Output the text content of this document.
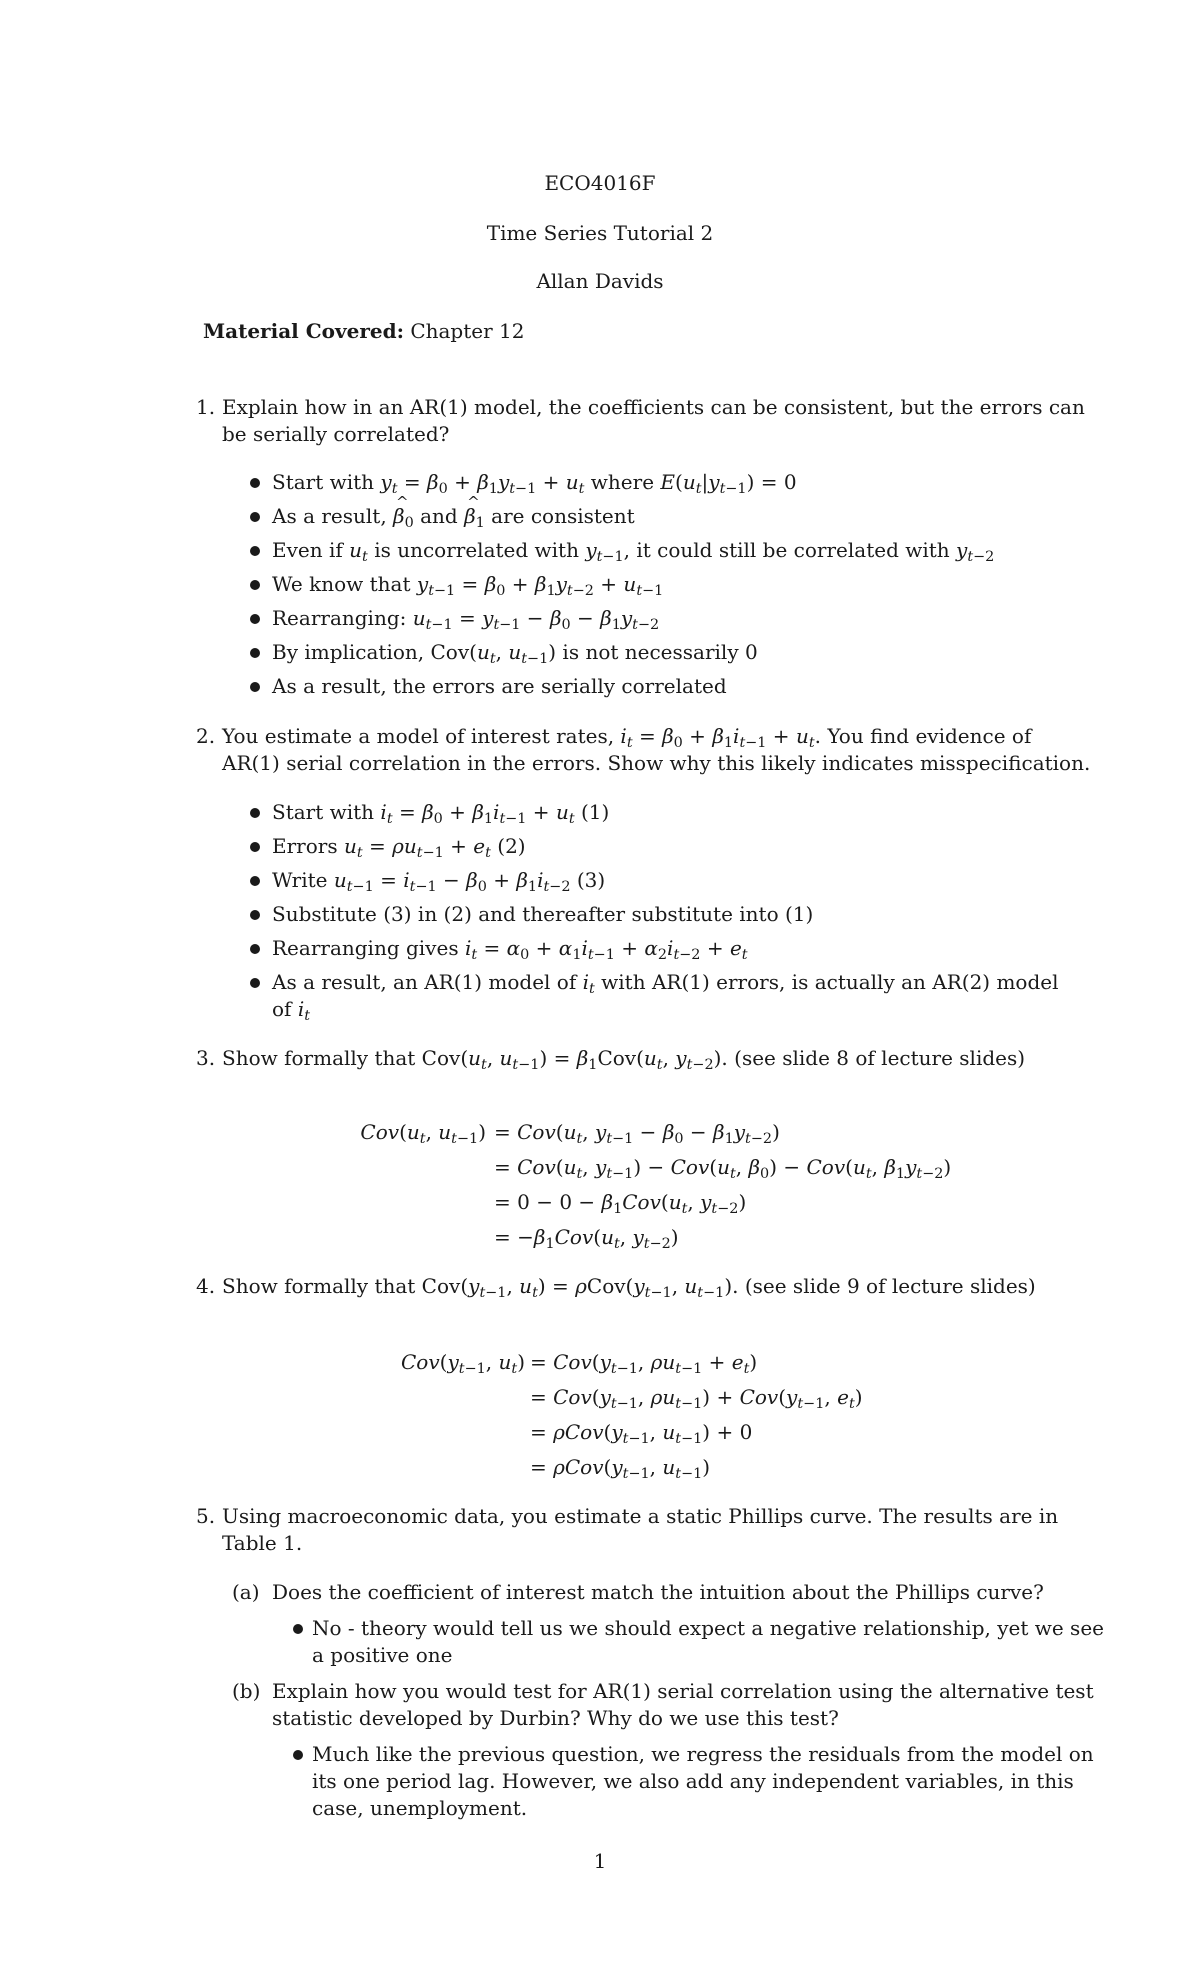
ECO4016F
Time Series Tutorial 2
Allan Davids
Material Covered: Chapter 12
1. Explain how in an AR(1) model, the coefficients can be consistent, but the errors can
be serially correlated?
Start with $y_t = \beta_0 + \beta_1y_{t-1} + u_t$ where $E(u_t|y_{t-1}) = 0$
As a result, ^ $\beta_0$ and ^ $\beta_1$ are consistent
Even if $u_t$ is uncorrelated with $y_{t-1}$, it could still be correlated with $y_{t-2}$
We know that $y_{t-1} = \beta_0 + \beta_1y_{t-2} + u_{t-1}$
Rearranging: $u_{t-1} = y_{t-1} - \beta_0 - \beta_1y_{t-2}$
By implication, $Cov(u_t$, $u_{t-1}$) is not necessarily 0
As a result, the errors are serially correlated
2. You estimate a model of interest rates, $i_t = \beta_0 + \beta_1i_{t-1} + u_t$. You find evidence of
AR(1) serial correlation in the errors. Show why this likely indicates misspecification.
Start with $i_t = \beta_0 + \beta_1i_{t-1} + u_t$ (1)
Errors $u_t = \rho u_{t-1} + e_t$ (2)
Write $u_{t-1} = i_{t-1} - \beta_0 + \beta_1i_{t-2}$ (3)
Substitute (3) in (2) and thereafter substitute into (1)
Rearranging gives $i_t = \alpha_0 + \alpha_1i_{t-1} + \alpha_2i_{t-2} + e_t$
As a result, an AR(1) model of $i_t$ with AR(1) errors, is actually an AR(2) model
of $i_t$
3. Show formally that $Cov(u_t$, $u_{t-1}) = \beta_1Cov(u_t$, $y_{t-2}$). (see slide 8 of lecture slides)
$Cov(u_t$, $u_{t-1}) = Cov(u_t$, $y_{t-1} - \beta_0 - \beta_1y_{t-2}$)
= $Cov(u_t$, $y_{t-1}) - Cov(u_t$, $\beta_0) - Cov(u_t$, $\beta_1y_{t-2}$)
= $0 - 0 - \beta_1Cov(u_t$, $y_{t-2}$)
= $-\beta_1Cov(u_t$, $y_{t-2}$)
4. Show formally that $Cov(y_{t-1}$, $u_t) = \rho Cov(y_{t-1}$, $u_{t-1}$). (see slide 9 of lecture slides)
$Cov(y_{t-1}$, $u_t) = Cov(y_{t-1}$, $\rho u_{t-1} + e_t$)
= $Cov(y_{t-1}$, $\rho u_{t-1}) + Cov(y_{t-1}$, $e_t$)
= $\rho Cov(y_{t-1}$, $u_{t-1}) + 0$
= $\rho Cov(y_{t-1}$, $u_{t-1}$)
5. Using macroeconomic data, you estimate a static Phillips curve. The results are in
Table 1.
(a) Does the coefficient of interest match the intuition about the Phillips curve?
No - theory would tell us we should expect a negative relationship, yet we see
a positive one
(b) Explain how you would test for AR(1) serial correlation using the alternative test
statistic developed by Durbin? Why do we use this test?
Much like the previous question, we regress the residuals from the model on
its one period lag. However, we also add any independent variables, in this
case, unemployment.
1
